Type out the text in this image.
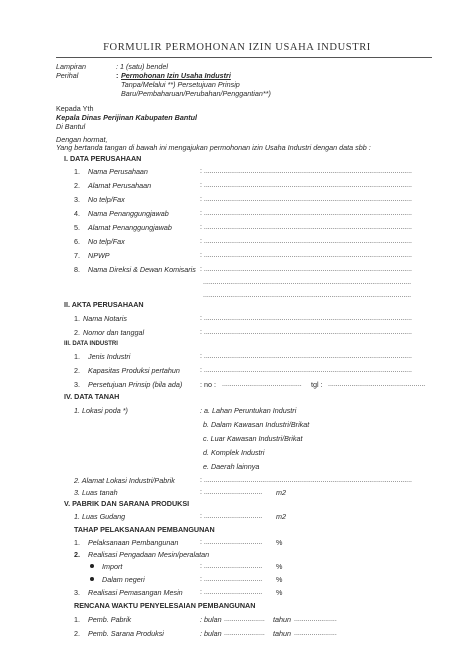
FORMULIR PERMOHONAN IZIN USAHA INDUSTRI
Lampiran	: 1 (satu) bendel
Perihal	: Permohonan Izin Usaha Industri
Tanpa/Melalui **) Persetujuan Prinsip
Baru/Pembaharuan/Perubahan/Penggantian**)
Kepada Yth
Kepala Dinas Perijinan Kabupaten Bantul
Di Bantul
Dengan hormat,
Yang bertanda tangan di bawah ini mengajukan permohonan izin Usaha Industri dengan data sbb :
I. DATA PERUSAHAAN
1. Nama Perusahaan	: ...........................................................................................................
2. Alamat Perusahaan	: ...........................................................................................................
3. No telp/Fax	: ...........................................................................................................
4. Nama Penanggungjawab	: ...........................................................................................................
5. Alamat Penanggungjawab	: ...........................................................................................................
6. No telp/Fax	: ...........................................................................................................
7. NPWP	: ...........................................................................................................
8. Nama Direksi & Dewan Komisaris : ...........................................................................................................
...........................................................................................................
...........................................................................................................
II. AKTA PERUSAHAAN
1. Nama Notaris	: ...........................................................................................................
2. Nomor dan tanggal	: ...........................................................................................................
III. DATA INDUSTRI
1. Jenis Industri	: ...........................................................................................................
2. Kapasitas Produksi pertahun	: ...........................................................................................................
3. Persetujuan Prinsip (bila ada) : no : .........................................	tgl : ..................................................
IV. DATA TANAH
1. Lokasi poda *)	: a. Lahan Peruntukan Industri
b. Dalam Kawasan Industri/Brikat
c. Luar Kawasan Industri/Brikat
d. Komplek Industri
e. Daerah lainnya
2. Alamat Lokasi Industri/Pabrik	: ...........................................................................................................
3. Luas tanah	: ..............................	m2
V. PABRIK DAN SARANA PRODUKSI
1. Luas Gudang	: ..............................	m2
TAHAP PELAKSANAAN PEMBANGUNAN
1. Pelaksanaan Pembangunan	: ..............................	%
2. Realisasi Pengadaan Mesin/peralatan
Import	: ..............................	%
Dalam negeri	: ..............................	%
3. Realisasi Pemasangan Mesin : ..............................	%
RENCANA WAKTU PENYELESAIAN PEMBANGUNAN
1. Pemb. Pabrik	: bulan .....................	tahun ......................
2. Pemb. Sarana Produksi	: bulan .....................	tahun ......................
